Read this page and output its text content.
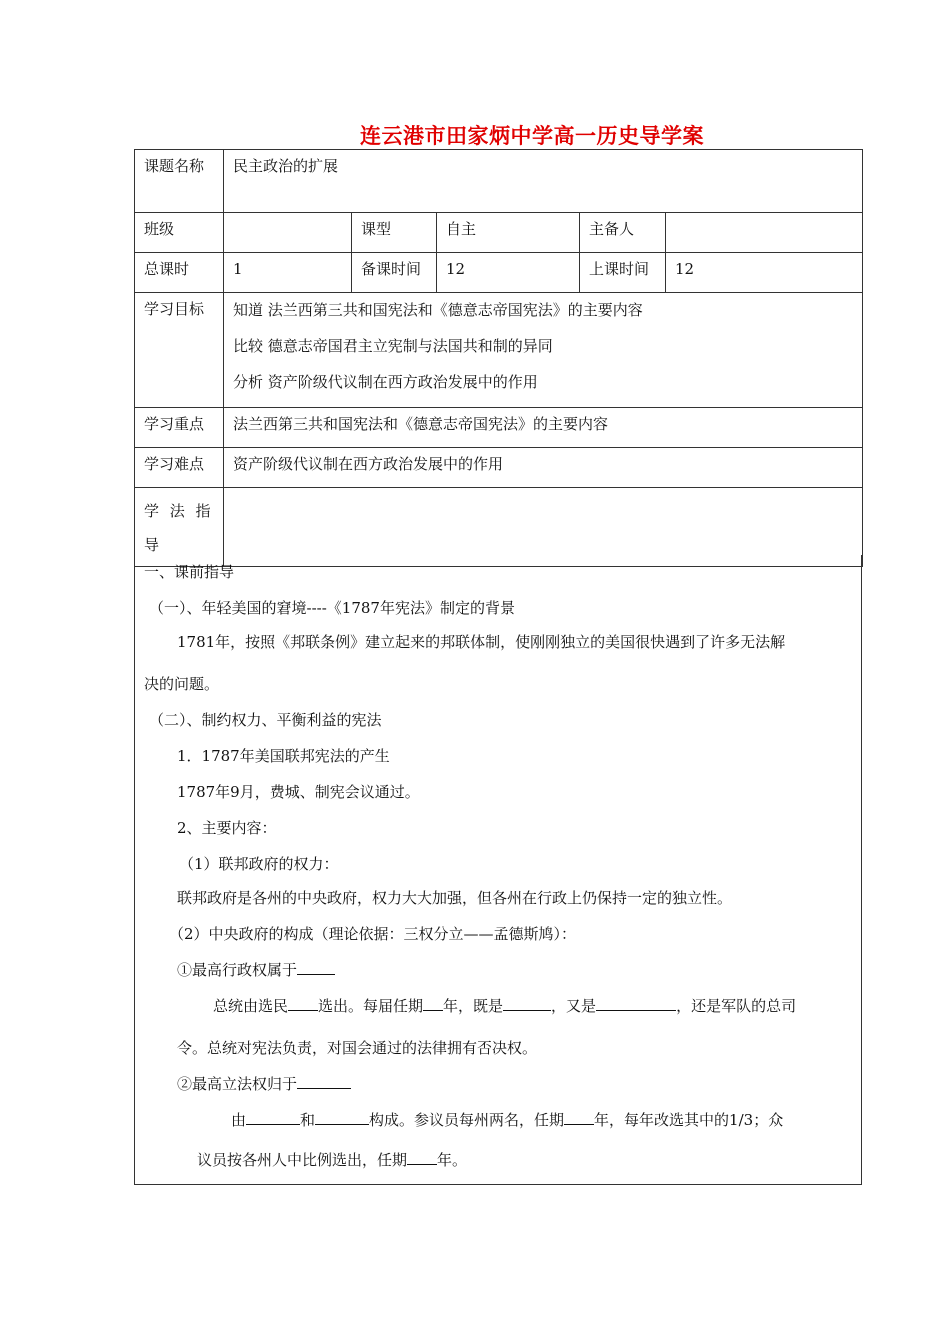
连云港市田家炳中学高一历史导学案
课题名称	民主政治的扩展				
班级		课型	自主	主备人	
总课时	1	备课时间	12	上课时间	12
学习目标	知道 法兰西第三共和国宪法和《德意志帝国宪法》的主要内容
比较 德意志帝国君主立宪制与法国共和制的异同
分析 资产阶级代议制在西方政治发展中的作用				

学习重点	法兰西第三共和国宪法和《德意志帝国宪法》的主要内容				
学习难点	资产阶级代议制在西方政治发展中的作用				

学 法 指 导					

一、课前指导
（一）、年轻美国的窘境----《1787年宪法》制定的背景
1781年，按照《邦联条例》建立起来的邦联体制，使刚刚独立的美国很快遇到了许多无法解
决的问题。
（二）、制约权力、平衡利益的宪法
1．1787年美国联邦宪法的产生
1787年9月，费城、制宪会议通过。
2、主要内容：
（1）联邦政府的权力：
联邦政府是各州的中央政府，权力大大加强，但各州在行政上仍保持一定的独立性。
（2）中央政府的构成（理论依据：三权分立——孟德斯鸠）：
①最高行政权属于
总统由选民 选出。每届任期 年，既是	，又是	，还是军队的总司
令。总统对宪法负责，对国会通过的法律拥有否决权。
②最高立法权归于
由	和	构成。参议员每州两名，任期 年，每年改选其中的1/3；众
议员按各州人中比例选出，任期 年。
